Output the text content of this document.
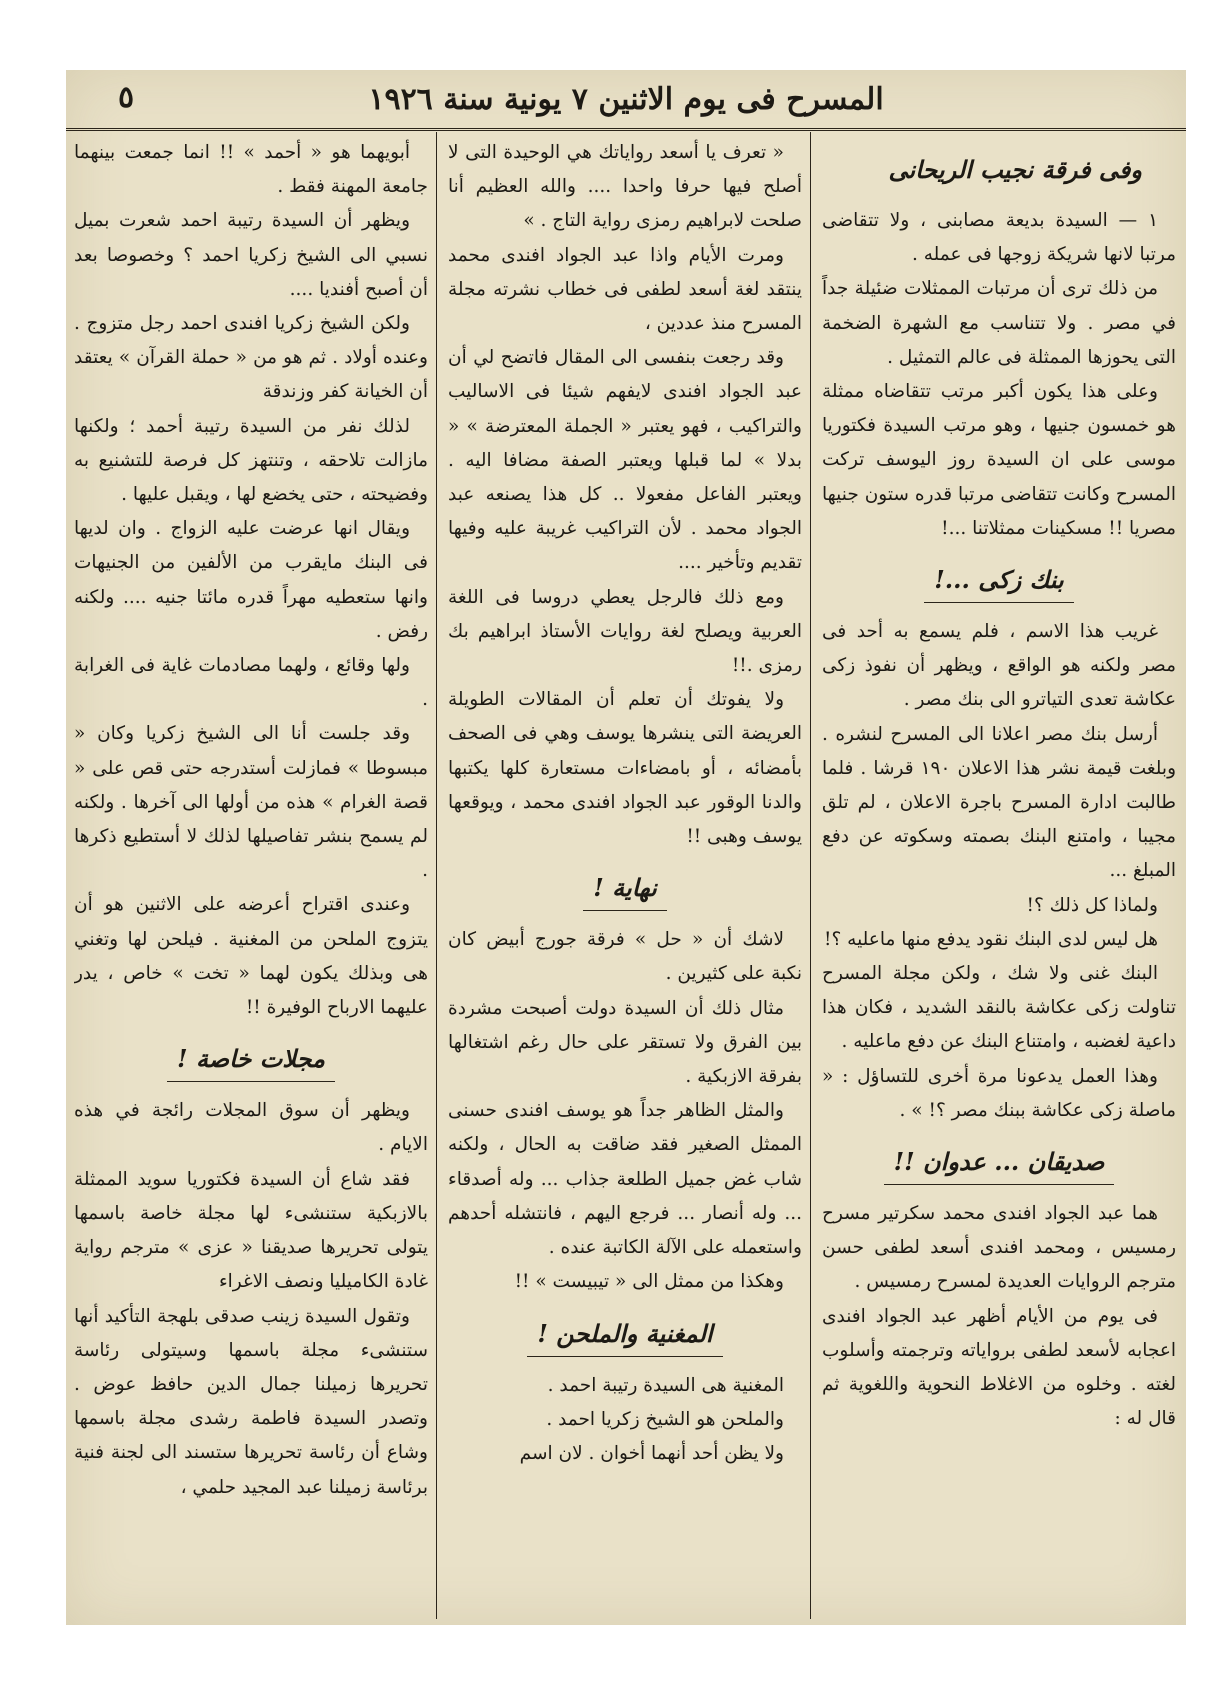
المسرح فى يوم الاثنين ٧ يونية سنة ١٩٢٦
٥
وفى فرقة نجيب الريحانى

١ — السيدة بديعة مصابنى ، ولا تتقاضى مرتبا لانها شريكة زوجها فى عمله .

من ذلك ترى أن مرتبات الممثلات ضئيلة جداً في مصر . ولا تتناسب مع الشهرة الضخمة التى يحوزها الممثلة فى عالم التمثيل .

وعلى هذا يكون أكبر مرتب تتقاضاه ممثلة هو خمسون جنيها ، وهو مرتب السيدة فكتوريا موسى على ان السيدة روز اليوسف تركت المسرح وكانت تتقاضى مرتبا قدره ستون جنيها مصريا !! مسكينات ممثلاتنا ...!

بنك زكى ...!

غريب هذا الاسم ، فلم يسمع به أحد فى مصر ولكنه هو الواقع ، ويظهر أن نفوذ زكى عكاشة تعدى التياترو الى بنك مصر .

أرسل بنك مصر اعلانا الى المسرح لنشره . وبلغت قيمة نشر هذا الاعلان ١٩٠ قرشا . فلما طالبت ادارة المسرح باجرة الاعلان ، لم تلق مجيبا ، وامتنع البنك بصمته وسكوته عن دفع المبلغ ...

ولماذا كل ذلك ؟!

هل ليس لدى البنك نقود يدفع منها ماعليه ؟!

البنك غنى ولا شك ، ولكن مجلة المسرح تناولت زكى عكاشة بالنقد الشديد ، فكان هذا داعية لغضبه ، وامتناع البنك عن دفع ماعليه .

وهذا العمل يدعونا مرة أخرى للتساؤل : « ماصلة زكى عكاشة ببنك مصر ؟! » .

صديقان ... عدوان !!

هما عبد الجواد افندى محمد سكرتير مسرح رمسيس ، ومحمد افندى أسعد لطفى حسن مترجم الروايات العديدة لمسرح رمسيس .

فى يوم من الأيام أظهر عبد الجواد افندى اعجابه لأسعد لطفى برواياته وترجمته وأسلوب لغته . وخلوه من الاغلاط النحوية واللغوية ثم قال له :

« تعرف يا أسعد رواياتك هي الوحيدة التى لا أصلح فيها حرفا واحدا .... والله العظيم أنا صلحت لابراهيم رمزى رواية التاج . »

ومرت الأيام واذا عبد الجواد افندى محمد ينتقد لغة أسعد لطفى فى خطاب نشرته مجلة المسرح منذ عددين ،

وقد رجعت بنفسى الى المقال فاتضح لي أن عبد الجواد افندى لايفهم شيئا فى الاساليب والتراكيب ، فهو يعتبر « الجملة المعترضة » « بدلا » لما قبلها ويعتبر الصفة مضافا اليه . ويعتبر الفاعل مفعولا .. كل هذا يصنعه عبد الجواد محمد . لأن التراكيب غريبة عليه وفيها تقديم وتأخير ....

ومع ذلك فالرجل يعطي دروسا فى اللغة العربية ويصلح لغة روايات الأستاذ ابراهيم بك رمزى .!!

ولا يفوتك أن تعلم أن المقالات الطويلة العريضة التى ينشرها يوسف وهي فى الصحف بأمضائه ، أو بامضاءات مستعارة كلها يكتبها والدنا الوقور عبد الجواد افندى محمد ، ويوقعها يوسف وهبى !!

نهاية !

لاشك أن « حل » فرقة جورج أبيض كان نكبة على كثيرين .

مثال ذلك أن السيدة دولت أصبحت مشردة بين الفرق ولا تستقر على حال رغم اشتغالها بفرقة الازبكية .

والمثل الظاهر جداً هو يوسف افندى حسنى الممثل الصغير فقد ضاقت به الحال ، ولكنه شاب غض جميل الطلعة جذاب ... وله أصدقاء ... وله أنصار ... فرجع اليهم ، فانتشله أحدهم واستعمله على الآلة الكاتبة عنده .

وهكذا من ممثل الى « تيبيست » !!

المغنية والملحن !

المغنية هى السيدة رتيبة احمد .

والملحن هو الشيخ زكريا احمد .

ولا يظن أحد أنهما أخوان . لان اسم

أبويهما هو « أحمد » !! انما جمعت بينهما جامعة المهنة فقط .

ويظهر أن السيدة رتيبة احمد شعرت بميل نسبي الى الشيخ زكريا احمد ؟ وخصوصا بعد أن أصبح أفنديا ....

ولكن الشيخ زكريا افندى احمد رجل متزوج . وعنده أولاد . ثم هو من « حملة القرآن » يعتقد أن الخيانة كفر وزندقة

لذلك نفر من السيدة رتيبة أحمد ؛ ولكنها مازالت تلاحقه ، وتنتهز كل فرصة للتشنيع به وفضيحته ، حتى يخضع لها ، ويقبل عليها .

ويقال انها عرضت عليه الزواج . وان لديها فى البنك مايقرب من الألفين من الجنيهات وانها ستعطيه مهراً قدره مائتا جنيه .... ولكنه رفض .

ولها وقائع ، ولهما مصادمات غاية فى الغرابة .

وقد جلست أنا الى الشيخ زكريا وكان « مبسوطا » فمازلت أستدرجه حتى قص على « قصة الغرام » هذه من أولها الى آخرها . ولكنه لم يسمح بنشر تفاصيلها لذلك لا أستطيع ذكرها .

وعندى اقتراح أعرضه على الاثنين هو أن يتزوج الملحن من المغنية . فيلحن لها وتغني هى وبذلك يكون لهما « تخت » خاص ، يدر عليهما الارباح الوفيرة !!

مجلات خاصة !

ويظهر أن سوق المجلات رائجة في هذه الايام .

فقد شاع أن السيدة فكتوريا سويد الممثلة بالازبكية ستنشىء لها مجلة خاصة باسمها يتولى تحريرها صديقنا « عزى » مترجم رواية غادة الكاميليا ونصف الاغراء

وتقول السيدة زينب صدقى بلهجة التأكيد أنها ستنشىء مجلة باسمها وسيتولى رئاسة تحريرها زميلنا جمال الدين حافظ عوض . وتصدر السيدة فاطمة رشدى مجلة باسمها وشاع أن رئاسة تحريرها ستسند الى لجنة فنية برئاسة زميلنا عبد المجيد حلمي ،
